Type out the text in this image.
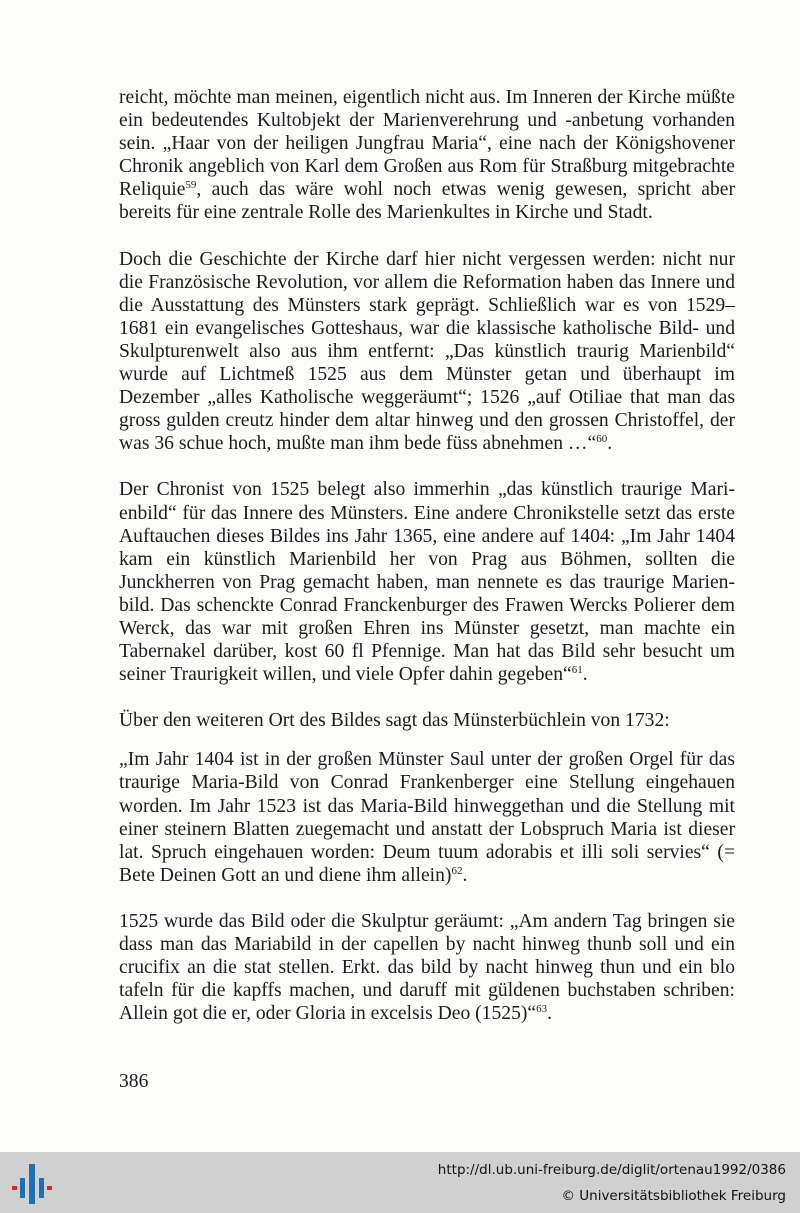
reicht, möchte man meinen, eigentlich nicht aus. Im Inneren der Kirche müßte ein bedeutendes Kultobjekt der Marienverehrung und -anbetung vorhanden sein. „Haar von der heiligen Jungfrau Maria“, eine nach der Königshovener Chronik angeblich von Karl dem Großen aus Rom für Straßburg mitgebrachte Reliquie$^{59}$, auch das wäre wohl noch etwas wenig gewesen, spricht aber bereits für eine zentrale Rolle des Marienkultes in Kirche und Stadt.

Doch die Geschichte der Kirche darf hier nicht vergessen werden: nicht nur die Französische Revolution, vor allem die Reformation haben das Innere und die Ausstattung des Münsters stark geprägt. Schließlich war es von 1529–1681 ein evangelisches Gotteshaus, war die klassische katholische Bild- und Skulpturenwelt also aus ihm entfernt: „Das künstlich traurig Marienbild“ wurde auf Lichtmeß 1525 aus dem Münster getan und überhaupt im Dezember „alles Katholische weggeräumt“; 1526 „auf Otiliae that man das gross gulden creutz hinder dem altar hinweg und den grossen Christoffel, der was 36 schue hoch, mußte man ihm bede füss abnehmen …“$^{60}$.

Der Chronist von 1525 belegt also immerhin „das künstlich traurige Marienbild“ für das Innere des Münsters. Eine andere Chronikstelle setzt das erste Auftauchen dieses Bildes ins Jahr 1365, eine andere auf 1404: „Im Jahr 1404 kam ein künstlich Marienbild her von Prag aus Böhmen, sollten die Junckherren von Prag gemacht haben, man nennete es das traurige Marienbild. Das schenckte Conrad Franckenburger des Frawen Wercks Polierer dem Werck, das war mit großen Ehren ins Münster gesetzt, man machte ein Tabernakel darüber, kost 60 fl Pfennige. Man hat das Bild sehr besucht um seiner Traurigkeit willen, und viele Opfer dahin gegeben“$^{61}$.

Über den weiteren Ort des Bildes sagt das Münsterbüchlein von 1732:

„Im Jahr 1404 ist in der großen Münster Saul unter der großen Orgel für das traurige Maria-Bild von Conrad Frankenberger eine Stellung eingehauen worden. Im Jahr 1523 ist das Maria-Bild hinweggethan und die Stellung mit einer steinern Blatten zuegemacht und anstatt der Lobspruch Maria ist dieser lat. Spruch eingehauen worden: Deum tuum adorabis et illi soli servies“ (= Bete Deinen Gott an und diene ihm allein)$^{62}$.

1525 wurde das Bild oder die Skulptur geräumt: „Am andern Tag bringen sie dass man das Mariabild in der capellen by nacht hinweg thunb soll und ein crucifix an die stat stellen. Erkt. das bild by nacht hinweg thun und ein blo tafeln für die kapffs machen, und daruff mit güldenen buchstaben schriben: Allein got die er, oder Gloria in excelsis Deo (1525)“$^{63}$.

386
http://dl.ub.uni-freiburg.de/diglit/ortenau1992/0386
© Universitätsbibliothek Freiburg
